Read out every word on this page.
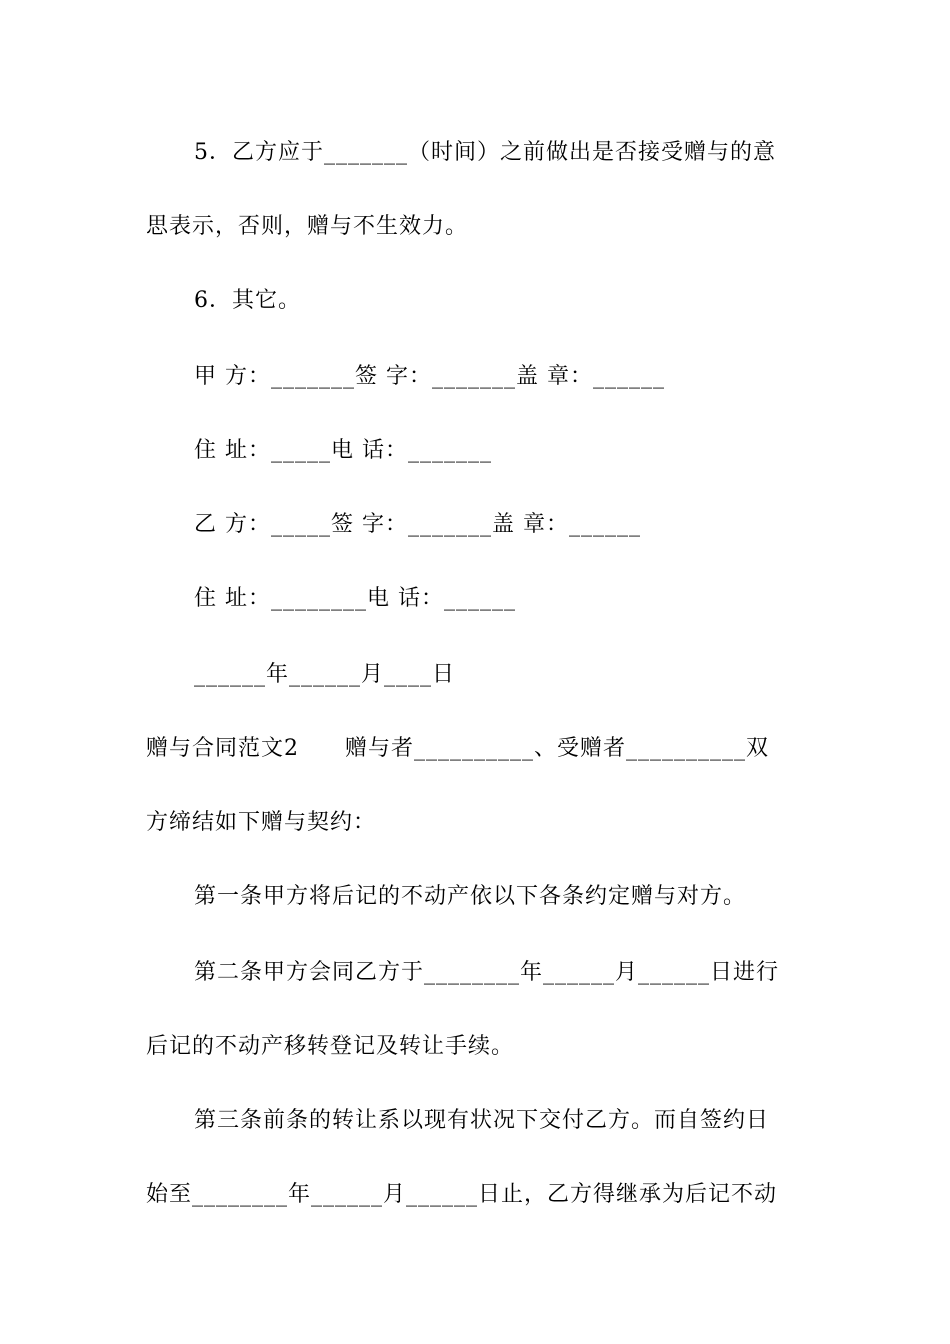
5．乙方应于_______（时间）之前做出是否接受赠与的意
思表示，否则，赠与不生效力。
6．其它。
甲 方：_______签 字：_______盖 章：______
住 址：_____电 话：_______
乙 方：_____签 字：_______盖 章：______
住 址：________电 话：______
______年______月____日
赠与合同范文2　　赠与者__________、受赠者__________双
方缔结如下赠与契约：
第一条甲方将后记的不动产依以下各条约定赠与对方。
第二条甲方会同乙方于________年______月______日进行
后记的不动产移转登记及转让手续。
第三条前条的转让系以现有状况下交付乙方。而自签约日
始至________年______月______日止，乙方得继承为后记不动
